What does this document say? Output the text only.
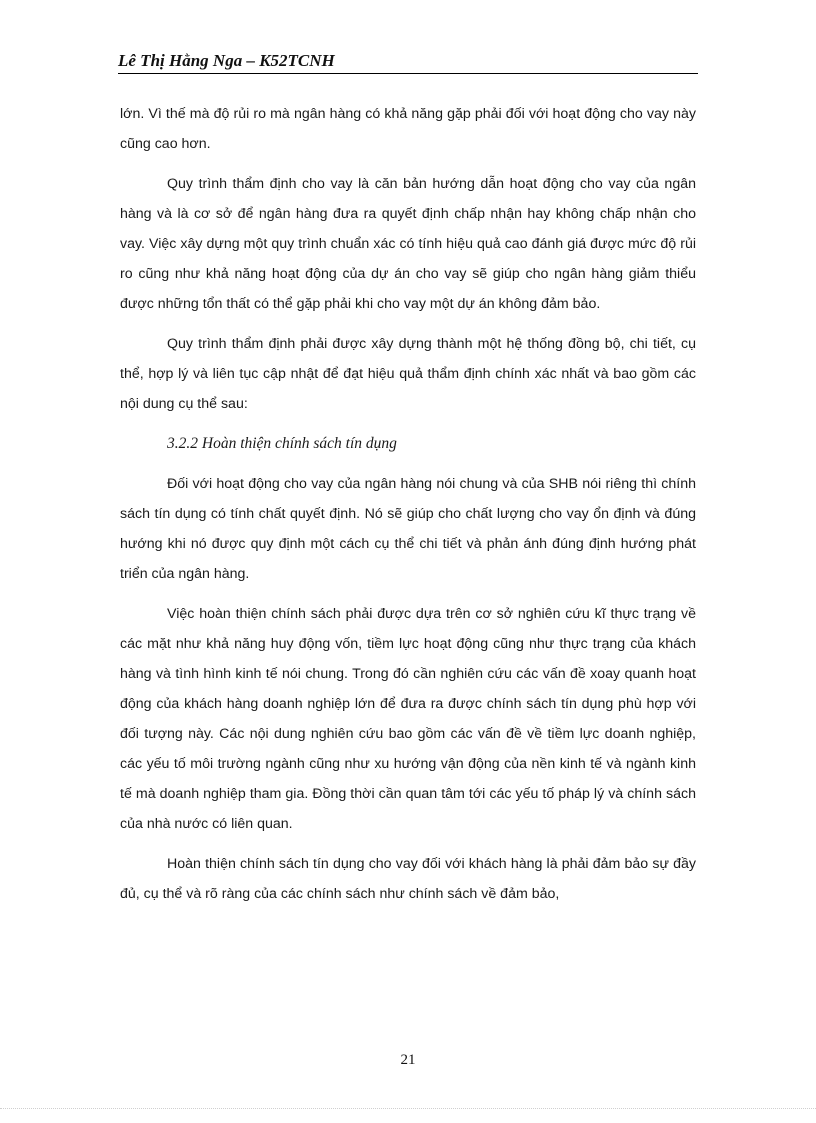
Lê Thị Hằng Nga – K52TCNH

lớn. Vì thế mà độ rủi ro mà ngân hàng có khả năng gặp phải đối với hoạt động cho vay này cũng cao hơn.

Quy trình thẩm định cho vay là căn bản hướng dẫn hoạt động cho vay của ngân hàng và là cơ sở để ngân hàng đưa ra quyết định chấp nhận hay không chấp nhận cho vay. Việc xây dựng một quy trình chuẩn xác có tính hiệu quả cao đánh giá được mức độ rủi ro cũng như khả năng hoạt động của dự án cho vay sẽ giúp cho ngân hàng giảm thiểu được những tổn thất có thể gặp phải khi cho vay một dự án không đảm bảo.

Quy trình thẩm định phải được xây dựng thành một hệ thống đồng bộ, chi tiết, cụ thể, hợp lý và liên tục cập nhật để đạt hiệu quả thẩm định chính xác nhất và bao gồm các nội dung cụ thể sau:

3.2.2 Hoàn thiện chính sách tín dụng

Đối với hoạt động cho vay của ngân hàng nói chung và của SHB nói riêng thì chính sách tín dụng có tính chất quyết định. Nó sẽ giúp cho chất lượng cho vay ổn định và đúng hướng khi nó được quy định một cách cụ thể chi tiết và phản ánh đúng định hướng phát triển của ngân hàng.

Việc hoàn thiện chính sách phải được dựa trên cơ sở nghiên cứu kĩ thực trạng về các mặt như khả năng huy động vốn, tiềm lực hoạt động cũng như thực trạng của khách hàng và tình hình kinh tế nói chung. Trong đó cần nghiên cứu các vấn đề xoay quanh hoạt động của khách hàng doanh nghiệp lớn để đưa ra được chính sách tín dụng phù hợp với đối tượng này. Các nội dung nghiên cứu bao gồm các vấn đề về tiềm lực doanh nghiệp, các yếu tố môi trường ngành cũng như xu hướng vận động của nền kinh tế và ngành kinh tế mà doanh nghiệp tham gia. Đồng thời cần quan tâm tới các yếu tố pháp lý và chính sách của nhà nước có liên quan.

Hoàn thiện chính sách tín dụng cho vay đối với khách hàng là phải đảm bảo sự đầy đủ, cụ thể và rõ ràng của các chính sách như chính sách về đảm bảo,

21
